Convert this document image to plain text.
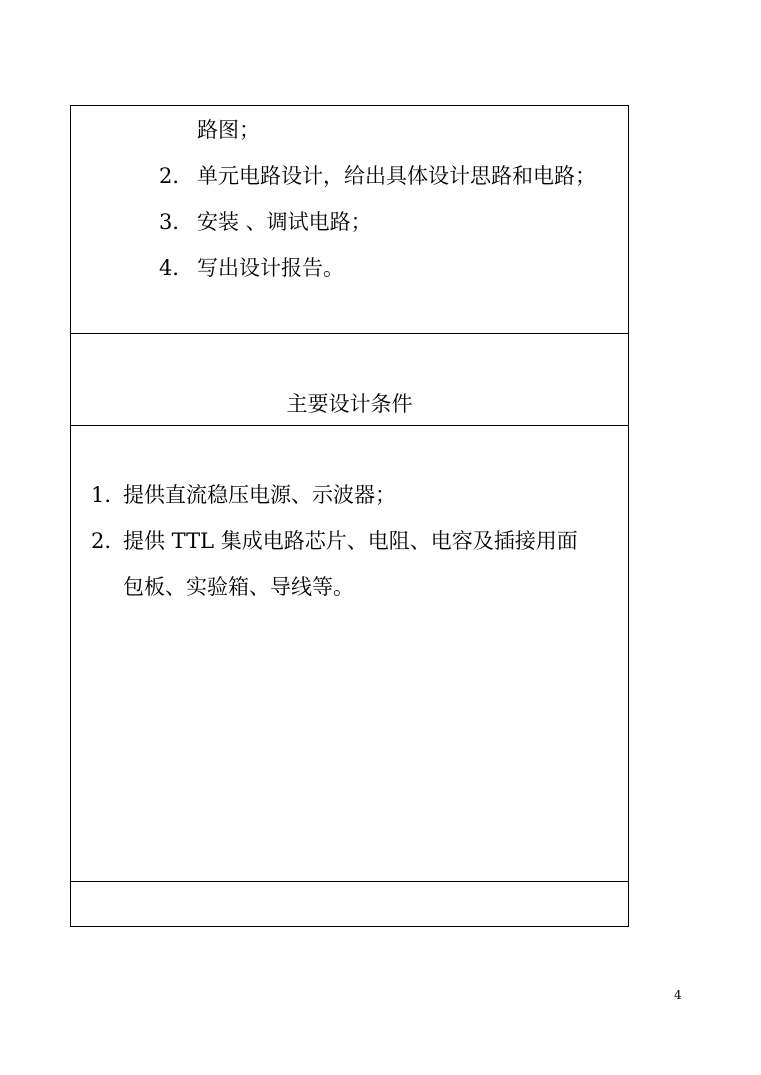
路图；
2． 单元电路设计，给出具体设计思路和电路；
3． 安装 、调试电路；
4． 写出设计报告。
主要设计条件
1. 提供直流稳压电源、示波器；
2. 提供 TTL 集成电路芯片、电阻、电容及插接用面
包板、实验箱、导线等。
4
